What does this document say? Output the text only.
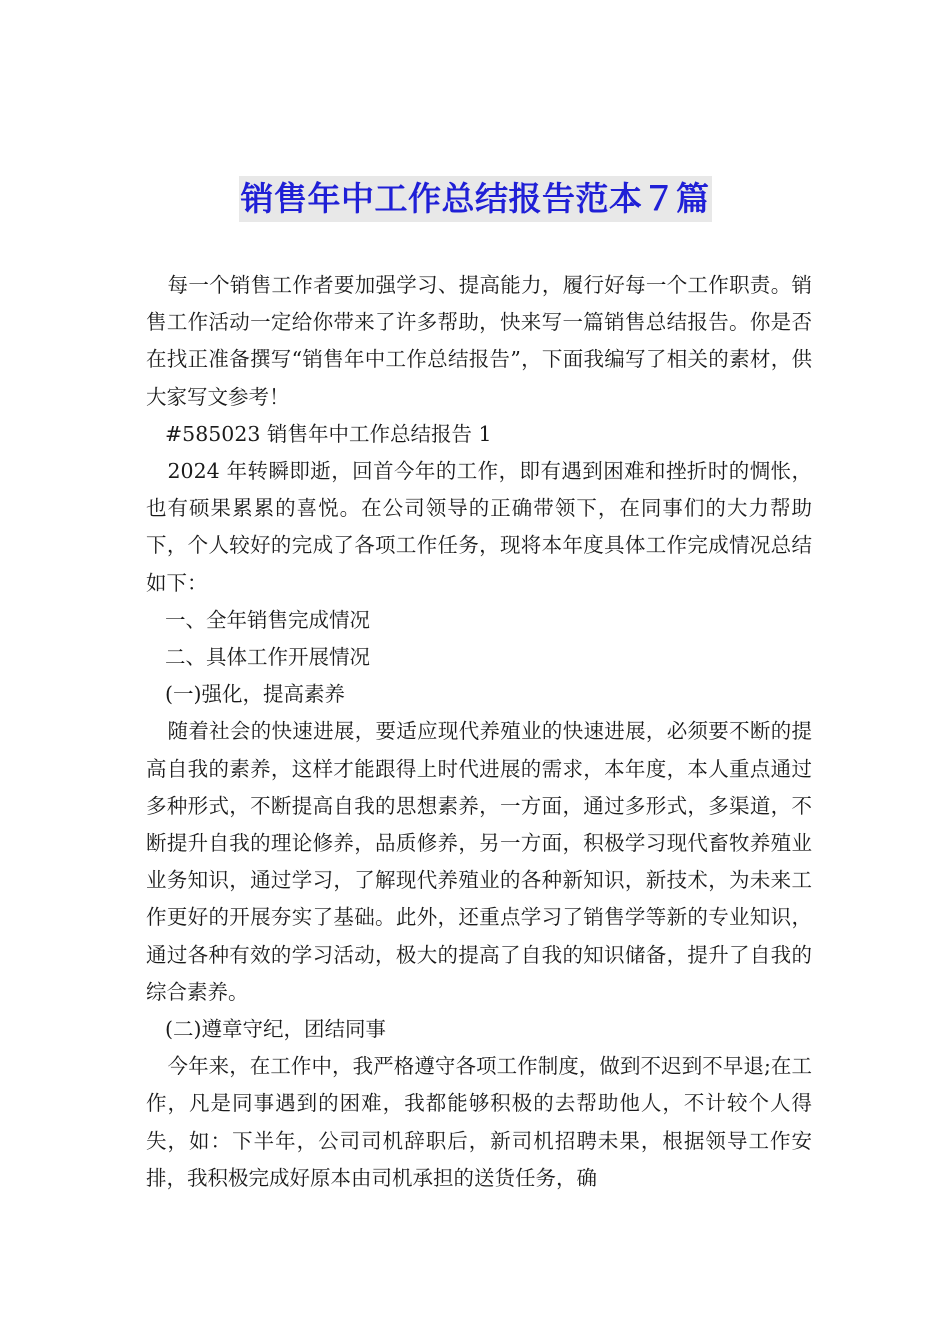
销售年中工作总结报告范本７篇

每一个销售工作者要加强学习、提高能力，履行好每一个工作职责。销售工作活动一定给你带来了许多帮助，快来写一篇销售总结报告。你是否在找正准备撰写“销售年中工作总结报告”，下面我编写了相关的素材，供大家写文参考！

#585023 销售年中工作总结报告 1

2024 年转瞬即逝，回首今年的工作，即有遇到困难和挫折时的惆怅，也有硕果累累的喜悦。在公司领导的正确带领下，在同事们的大力帮助下，个人较好的完成了各项工作任务，现将本年度具体工作完成情况总结如下：

一、全年销售完成情况

二、具体工作开展情况

(一)强化，提高素养

随着社会的快速进展，要适应现代养殖业的快速进展，必须要不断的提高自我的素养，这样才能跟得上时代进展的需求，本年度，本人重点通过多种形式，不断提高自我的思想素养，一方面，通过多形式，多渠道，不断提升自我的理论修养，品质修养，另一方面，积极学习现代畜牧养殖业业务知识，通过学习，了解现代养殖业的各种新知识，新技术，为未来工作更好的开展夯实了基础。此外，还重点学习了销售学等新的专业知识，通过各种有效的学习活动，极大的提高了自我的知识储备，提升了自我的综合素养。

(二)遵章守纪，团结同事

今年来，在工作中，我严格遵守各项工作制度，做到不迟到不早退;在工作，凡是同事遇到的困难，我都能够积极的去帮助他人，不计较个人得失，如：下半年，公司司机辞职后，新司机招聘未果，根据领导工作安排，我积极完成好原本由司机承担的送货任务，确
